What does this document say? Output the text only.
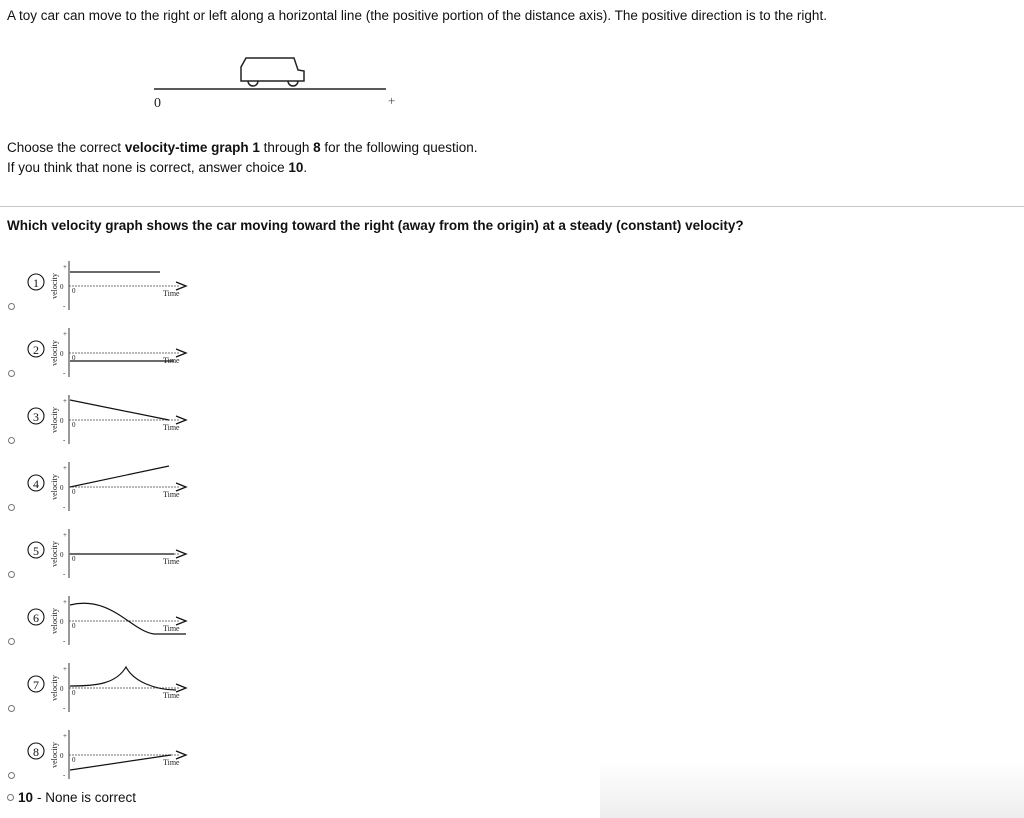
A toy car can move to the right or left along a horizontal line (the positive portion of the distance axis). The positive direction is to the right.
0	+
Choose the correct velocity-time graph 1 through 8 for the following question.
If you think that none is correct, answer choice 10.
Which velocity graph shows the car moving toward the right (away from the origin) at a steady (constant) velocity?
1 velocity
+
0
-
0	Time
2 velocity
+
0
-
0	Time
3 velocity
+
0
-
0	Time
4 velocity
+
0
-
0	Time
5 velocity
+
0
-
0	Time
6 velocity
+
0
-
0	Time
7 velocity
+
0
-
0	Time
8 velocity
+
0
-
0	Time
10 - None is correct
